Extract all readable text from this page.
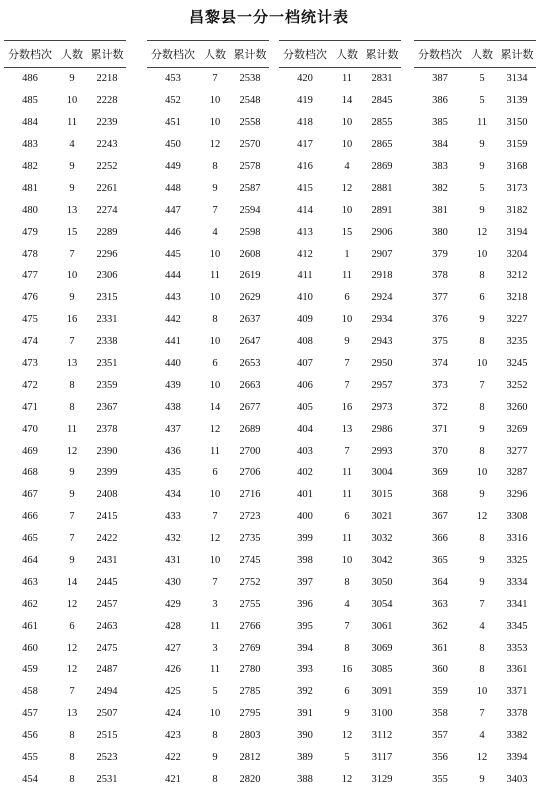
昌黎县一分一档统计表
分数档次	人数	累计数
486	9	2218
485	10	2228
484	11	2239
483	4	2243
482	9	2252
481	9	2261
480	13	2274
479	15	2289
478	7	2296
477	10	2306
476	9	2315
475	16	2331
474	7	2338
473	13	2351
472	8	2359
471	8	2367
470	11	2378
469	12	2390
468	9	2399
467	9	2408
466	7	2415
465	7	2422
464	9	2431
463	14	2445
462	12	2457
461	6	2463
460	12	2475
459	12	2487
458	7	2494
457	13	2507
456	8	2515
455	8	2523
454	8	2531
分数档次	人数	累计数
453	7	2538
452	10	2548
451	10	2558
450	12	2570
449	8	2578
448	9	2587
447	7	2594
446	4	2598
445	10	2608
444	11	2619
443	10	2629
442	8	2637
441	10	2647
440	6	2653
439	10	2663
438	14	2677
437	12	2689
436	11	2700
435	6	2706
434	10	2716
433	7	2723
432	12	2735
431	10	2745
430	7	2752
429	3	2755
428	11	2766
427	3	2769
426	11	2780
425	5	2785
424	10	2795
423	8	2803
422	9	2812
421	8	2820
分数档次	人数	累计数
420	11	2831
419	14	2845
418	10	2855
417	10	2865
416	4	2869
415	12	2881
414	10	2891
413	15	2906
412	1	2907
411	11	2918
410	6	2924
409	10	2934
408	9	2943
407	7	2950
406	7	2957
405	16	2973
404	13	2986
403	7	2993
402	11	3004
401	11	3015
400	6	3021
399	11	3032
398	10	3042
397	8	3050
396	4	3054
395	7	3061
394	8	3069
393	16	3085
392	6	3091
391	9	3100
390	12	3112
389	5	3117
388	12	3129
分数档次	人数	累计数
387	5	3134
386	5	3139
385	11	3150
384	9	3159
383	9	3168
382	5	3173
381	9	3182
380	12	3194
379	10	3204
378	8	3212
377	6	3218
376	9	3227
375	8	3235
374	10	3245
373	7	3252
372	8	3260
371	9	3269
370	8	3277
369	10	3287
368	9	3296
367	12	3308
366	8	3316
365	9	3325
364	9	3334
363	7	3341
362	4	3345
361	8	3353
360	8	3361
359	10	3371
358	7	3378
357	4	3382
356	12	3394
355	9	3403
